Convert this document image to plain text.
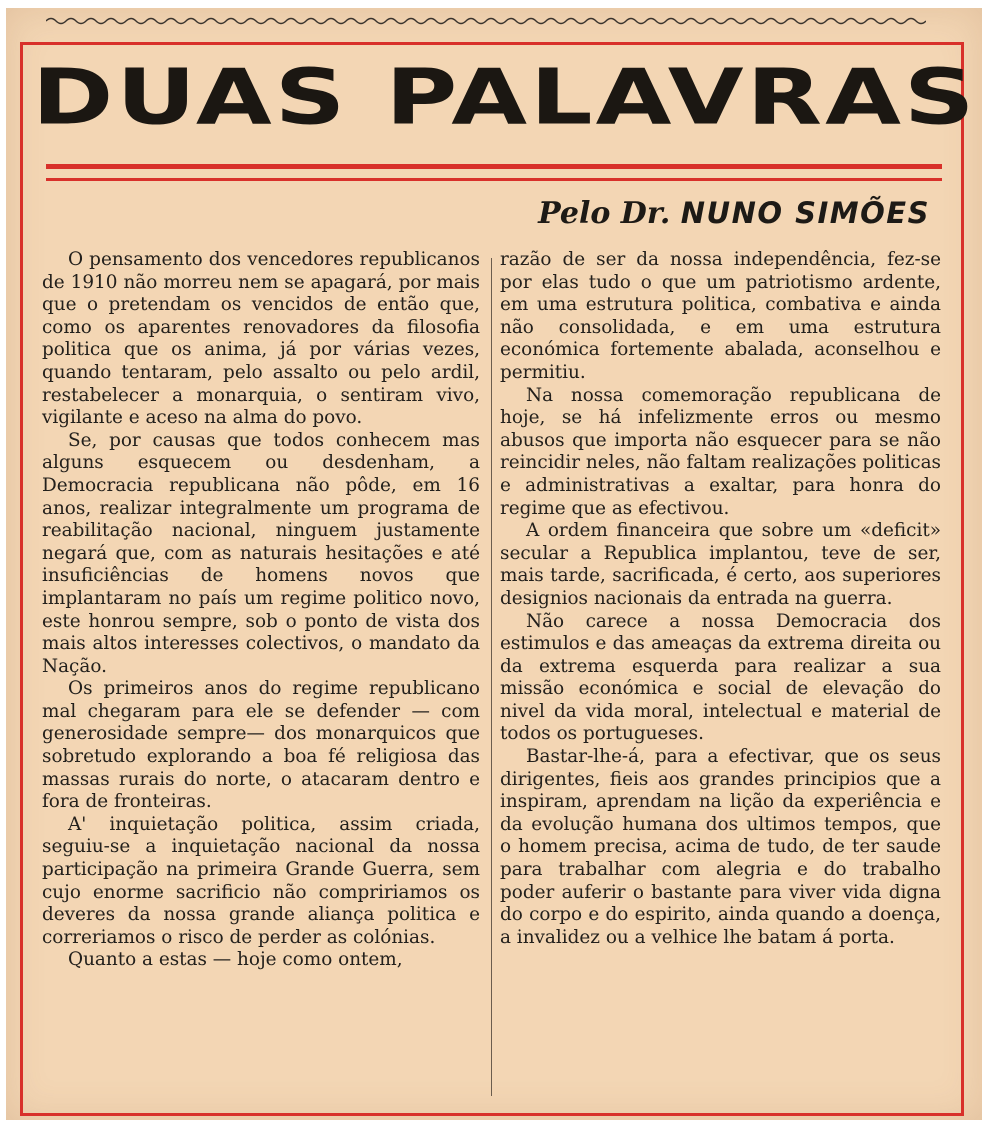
DUAS PALAVRAS
Pelo Dr. NUNO SIMÕES

O pensamento dos vencedores republicanos de 1910 não morreu nem se apagará, por mais que o pretendam os vencidos de então que, como os aparentes renovadores da filosofia politica que os anima, já por várias vezes, quando tentaram, pelo assalto ou pelo ardil, restabelecer a monarquia, o sentiram vivo, vigilante e aceso na alma do povo.

Se, por causas que todos conhecem mas alguns esquecem ou desdenham, a Democracia republicana não pôde, em 16 anos, realizar integralmente um programa de reabilitação nacional, ninguem justamente negará que, com as naturais hesitações e até insuficiências de homens novos que implantaram no país um regime politico novo, este honrou sempre, sob o ponto de vista dos mais altos interesses colectivos, o mandato da Nação.

Os primeiros anos do regime republicano mal chegaram para ele se defender — com generosidade sempre— dos monarquicos que sobretudo explorando a boa fé religiosa das massas rurais do norte, o atacaram dentro e fora de fronteiras.

A' inquietação politica, assim criada, seguiu-se a inquietação nacional da nossa participação na primeira Grande Guerra, sem cujo enorme sacrificio não compririamos os deveres da nossa grande aliança politica e correriamos o risco de perder as colónias.

Quanto a estas — hoje como ontem,

razão de ser da nossa independência, fez-se por elas tudo o que um patriotismo ardente, em uma estrutura politica, combativa e ainda não consolidada, e em uma estrutura económica fortemente abalada, aconselhou e permitiu.

Na nossa comemoração republicana de hoje, se há infelizmente erros ou mesmo abusos que importa não esquecer para se não reincidir neles, não faltam realizações politicas e administrativas a exaltar, para honra do regime que as efectivou.

A ordem financeira que sobre um «deficit» secular a Republica implantou, teve de ser, mais tarde, sacrificada, é certo, aos superiores designios nacionais da entrada na guerra.

Não carece a nossa Democracia dos estimulos e das ameaças da extrema direita ou da extrema esquerda para realizar a sua missão económica e social de elevação do nivel da vida moral, intelectual e material de todos os portugueses.

Bastar-lhe-á, para a efectivar, que os seus dirigentes, fieis aos grandes principios que a inspiram, aprendam na lição da experiência e da evolução humana dos ultimos tempos, que o homem precisa, acima de tudo, de ter saude para trabalhar com alegria e do trabalho poder auferir o bastante para viver vida digna do corpo e do espirito, ainda quando a doença, a invalidez ou a velhice lhe batam á porta.
